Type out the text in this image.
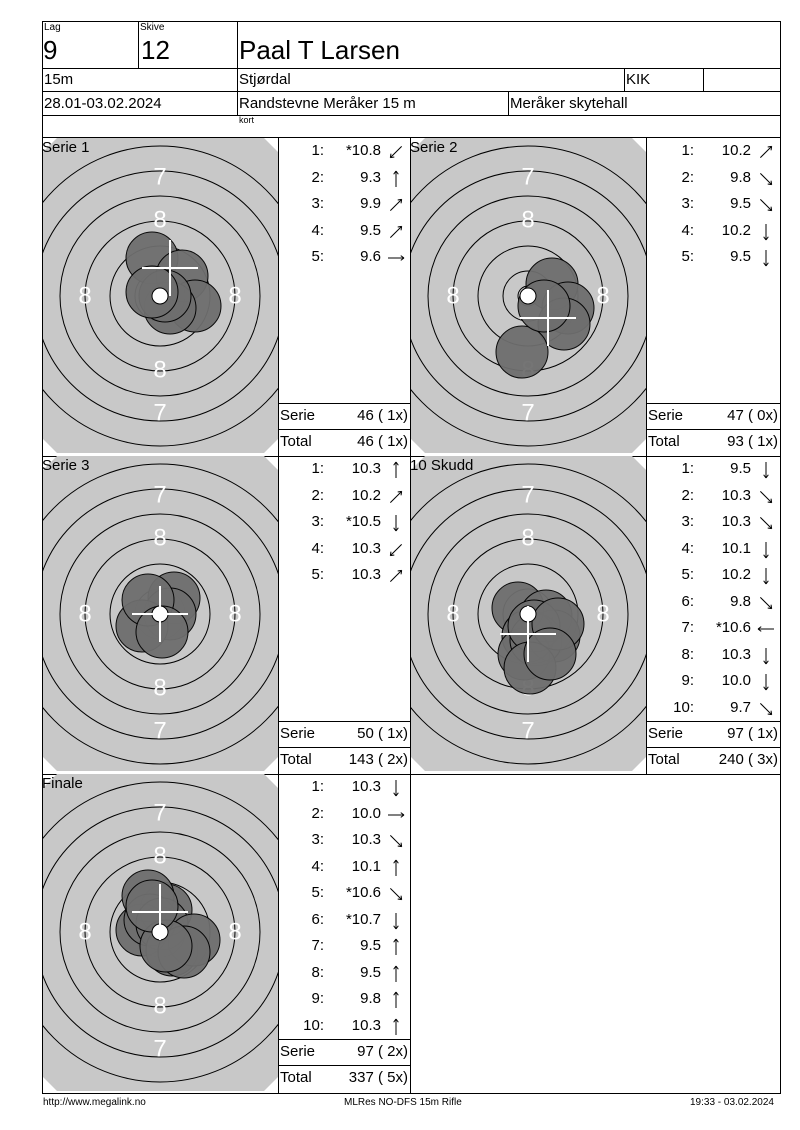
Lag
9
Skive
12	Paal T Larsen
15m	Stjørdal	KIK
28.01-03.02.2024	Randstevne Meråker 15 m	Meråker skytehall
kort
7
7
8
8
8	8
Serie 1	1: *10.8
2: 9.3
3: 9.9
4: 9.5
5: 9.6
Serie	46 ( 1x)
Total	46 ( 1x)
7
7
8
8	8
Serie 2	1: 10.2
2: 9.8
3: 9.5
4: 10.2
5: 9.5
Serie	47 ( 0x)
Total	93 ( 1x)
7
7
8
8
8	8
Serie 3	1: 10.3
2: 10.2
3: *10.5
4: 10.3
5: 10.3
Serie	50 ( 1x)
Total	143 ( 2x)
7
7
8
8	8
10 Skudd	1: 9.5
2: 10.3
3: 10.3
4: 10.1
5: 10.2
6: 9.8
7: *10.6
8: 10.3
9: 10.0
10: 9.7
Serie	97 ( 1x)
Total	240 ( 3x)
7
7
8
8
8	8
Finale	1: 10.3
2: 10.0
3: 10.3
4: 10.1
5: *10.6
6: *10.7
7: 9.5
8: 9.5
9: 9.8
10: 10.3
Serie	97 ( 2x)
Total	337 ( 5x)
http://www.megalink.no	MLRes NO-DFS 15m Rifle	19:33 - 03.02.2024
